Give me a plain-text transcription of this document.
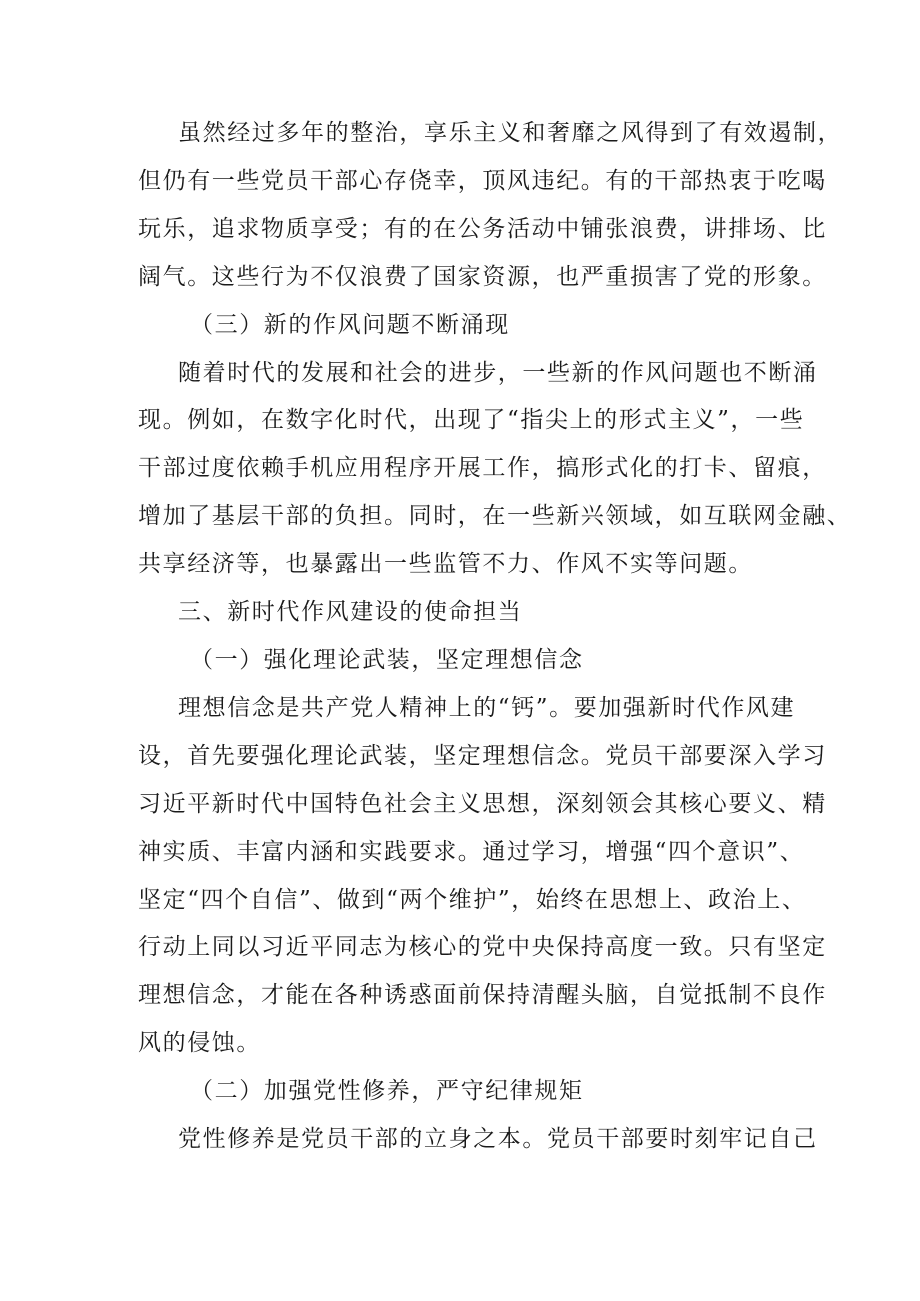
虽然经过多年的整治，享乐主义和奢靡之风得到了有效遏制，
但仍有一些党员干部心存侥幸，顶风违纪。有的干部热衷于吃喝
玩乐，追求物质享受；有的在公务活动中铺张浪费，讲排场、比
阔气。这些行为不仅浪费了国家资源，也严重损害了党的形象。

（三）新的作风问题不断涌现

随着时代的发展和社会的进步，一些新的作风问题也不断涌
现。例如，在数字化时代，出现了“指尖上的形式主义”，一些
干部过度依赖手机应用程序开展工作，搞形式化的打卡、留痕，
增加了基层干部的负担。同时，在一些新兴领域，如互联网金融、
共享经济等，也暴露出一些监管不力、作风不实等问题。

三、新时代作风建设的使命担当

（一）强化理论武装，坚定理想信念

理想信念是共产党人精神上的“钙”。要加强新时代作风建
设，首先要强化理论武装，坚定理想信念。党员干部要深入学习
习近平新时代中国特色社会主义思想，深刻领会其核心要义、精
神实质、丰富内涵和实践要求。通过学习，增强“四个意识”、
坚定“四个自信”、做到“两个维护”，始终在思想上、政治上、
行动上同以习近平同志为核心的党中央保持高度一致。只有坚定
理想信念，才能在各种诱惑面前保持清醒头脑，自觉抵制不良作
风的侵蚀。

（二）加强党性修养，严守纪律规矩

党性修养是党员干部的立身之本。党员干部要时刻牢记自己
